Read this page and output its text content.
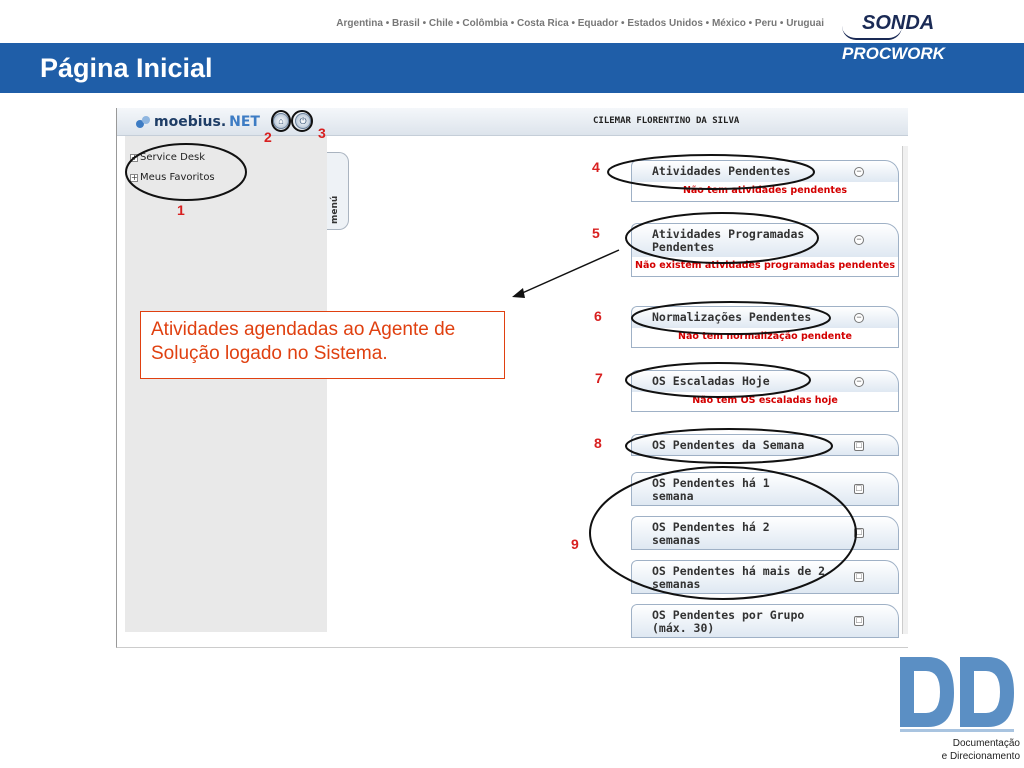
Argentina • Brasil • Chile • Colômbia • Costa Rica • Equador • Estados Unidos • México • Peru • Uruguai
Página Inicial
SONDA
PROCWORK
moebius. NET	⌂	⏻	CILEMAR FLORENTINO DA SILVA
+ Service Desk
+ Meus Favoritos
menú
Atividades Pendentes	−
Não tem atividades pendentes
Atividades Programadas Pendentes
−
Não existem atividades programadas pendentes
Normalizações Pendentes	−
Não tem normalização pendente
OS Escaladas Hoje	−
Não tem OS escaladas hoje
OS Pendentes da Semana	□
OS Pendentes há 1 semana
□
OS Pendentes há 2 semanas
□
OS Pendentes há mais de 2 semanas
□
OS Pendentes por Grupo (máx. 30)
□
1
2	3
4
5
6
7
8
9
Atividades agendadas ao Agente de Solução logado no Sistema.
Documentação
e Direcionamento
